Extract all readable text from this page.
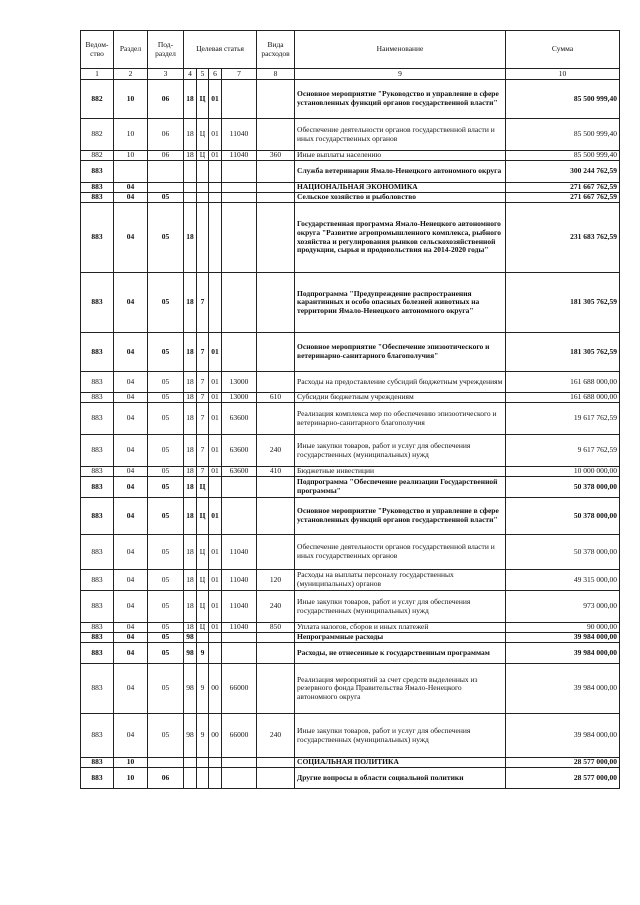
Ведом-ство	Раздел	Под-раздел	Целевая статья				Вида расходов	Наименование	Сумма
1	2	3	4	5	6	7	8	9	10
882	10	06	18	Ц	01			Основное мероприятие "Руководство и управление в сфере установленных функций органов государственной власти"	85 500 999,40
882	10	06	18	Ц	01	11040		Обеспечение деятельности органов государственной власти и иных государственных органов	85 500 999,40
882	10	06	18	Ц	01	11040	360	Иные выплаты населению	85 500 999,40
883								Служба ветеринарии Ямало-Ненецкого автономного округа	300 244 762,59
883	04							НАЦИОНАЛЬНАЯ ЭКОНОМИКА	271 667 762,59
883	04	05						Сельское хозяйство и рыболовство	271 667 762,59
883	04	05	18					Государственная программа Ямало-Ненецкого автономного округа "Развитие агропромышленного комплекса, рыбного хозяйства и регулирования рынков сельскохозяйственной продукции, сырья и продовольствия на 2014-2020 годы"	231 683 762,59
883	04	05	18	7				Подпрограмма "Предупреждение распространения карантинных и особо опасных болезней животных на территории Ямало-Ненецкого автономного округа"	181 305 762,59
883	04	05	18	7	01			Основное мероприятие "Обеспечение эпизоотического и ветеринарно-санитарного благополучия"	181 305 762,59
883	04	05	18	7	01	13000		Расходы на предоставление субсидий бюджетным учреждениям	161 688 000,00
883	04	05	18	7	01	13000	610	Субсидии бюджетным учреждениям	161 688 000,00
883	04	05	18	7	01	63600		Реализация комплекса мер по обеспечению эпизоотического и ветеринарно-санитарного благополучия	19 617 762,59
883	04	05	18	7	01	63600	240	Иные закупки товаров, работ и услуг для обеспечения государственных (муниципальных) нужд	9 617 762,59
883	04	05	18	7	01	63600	410	Бюджетные инвестиции	10 000 000,00
883	04	05	18	Ц				Подпрограмма "Обеспечение реализации Государственной программы"	50 378 000,00
883	04	05	18	Ц	01			Основное мероприятие "Руководство и управление в сфере установленных функций органов государственной власти"	50 378 000,00
883	04	05	18	Ц	01	11040		Обеспечение деятельности органов государственной власти и иных государственных органов	50 378 000,00
883	04	05	18	Ц	01	11040	120	Расходы на выплаты персоналу государственных (муниципальных) органов	49 315 000,00
883	04	05	18	Ц	01	11040	240	Иные закупки товаров, работ и услуг для обеспечения государственных (муниципальных) нужд	973 000,00
883	04	05	18	Ц	01	11040	850	Уплата налогов, сборов и иных платежей	90 000,00
883	04	05	98					Непрограммные расходы	39 984 000,00
883	04	05	98	9				Расходы, не отнесенные к государственным программам	39 984 000,00
883	04	05	98	9	00	66000		Реализация мероприятий за счет средств выделенных из резервного фонда Правительства Ямало-Ненецкого автономного округа	39 984 000,00
883	04	05	98	9	00	66000	240	Иные закупки товаров, работ и услуг для обеспечения государственных (муниципальных) нужд	39 984 000,00
883	10							СОЦИАЛЬНАЯ ПОЛИТИКА	28 577 000,00
883	10	06						Другие вопросы в области социальной политики	28 577 000,00
